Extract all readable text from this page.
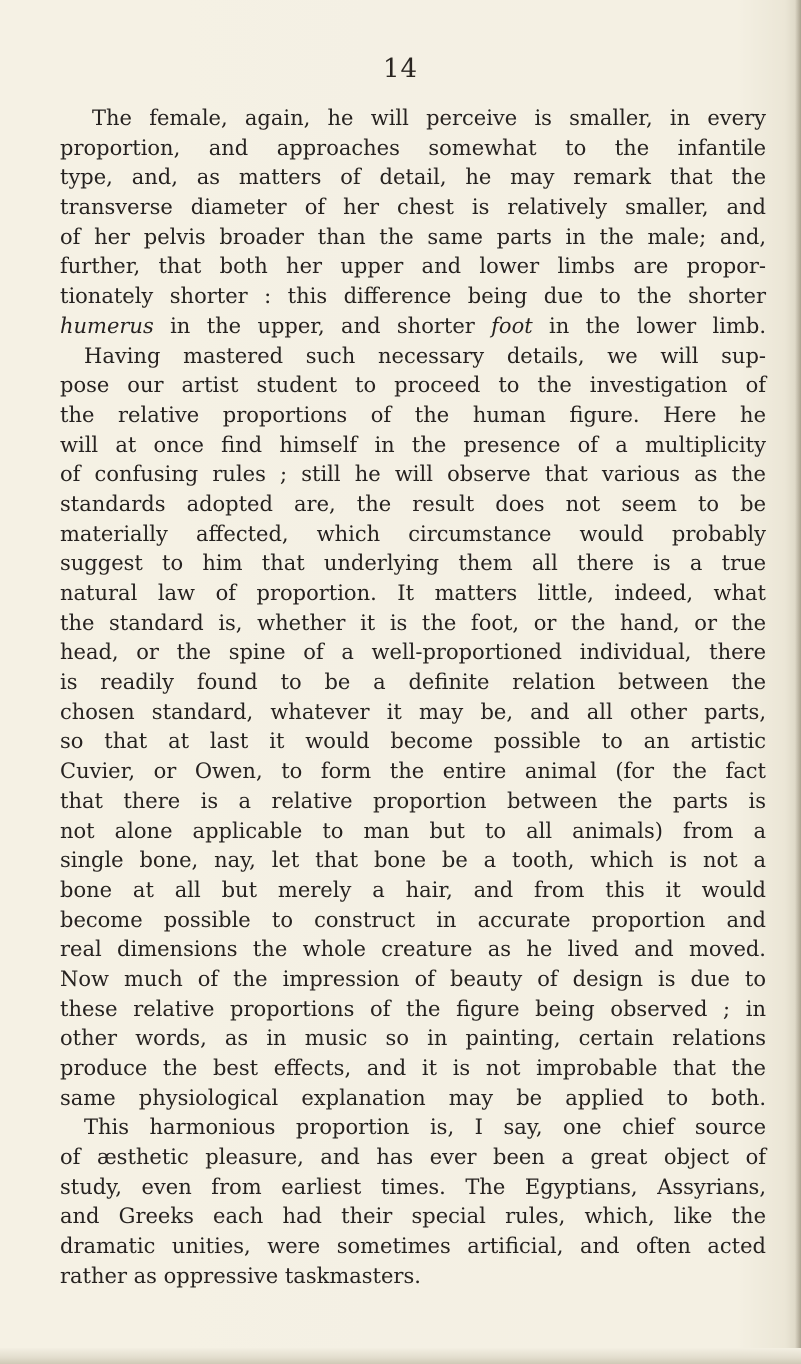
14
The female, again, he will perceive is smaller, in every
proportion, and approaches somewhat to the infantile
type, and, as matters of detail, he may remark that the
transverse diameter of her chest is relatively smaller, and
of her pelvis broader than the same parts in the male; and,
further, that both her upper and lower limbs are propor-
tionately shorter : this difference being due to the shorter
humerus in the upper, and shorter foot in the lower limb.
Having mastered such necessary details, we will sup-
pose our artist student to proceed to the investigation of
the relative proportions of the human figure. Here he
will at once find himself in the presence of a multiplicity
of confusing rules ; still he will observe that various as the
standards adopted are, the result does not seem to be
materially affected, which circumstance would probably
suggest to him that underlying them all there is a true
natural law of proportion. It matters little, indeed, what
the standard is, whether it is the foot, or the hand, or the
head, or the spine of a well-proportioned individual, there
is readily found to be a definite relation between the
chosen standard, whatever it may be, and all other parts,
so that at last it would become possible to an artistic
Cuvier, or Owen, to form the entire animal (for the fact
that there is a relative proportion between the parts is
not alone applicable to man but to all animals) from a
single bone, nay, let that bone be a tooth, which is not a
bone at all but merely a hair, and from this it would
become possible to construct in accurate proportion and
real dimensions the whole creature as he lived and moved.
Now much of the impression of beauty of design is due to
these relative proportions of the figure being observed ; in
other words, as in music so in painting, certain relations
produce the best effects, and it is not improbable that the
same physiological explanation may be applied to both.
This harmonious proportion is, I say, one chief source
of æsthetic pleasure, and has ever been a great object of
study, even from earliest times. The Egyptians, Assyrians,
and Greeks each had their special rules, which, like the
dramatic unities, were sometimes artificial, and often acted
rather as oppressive taskmasters.
